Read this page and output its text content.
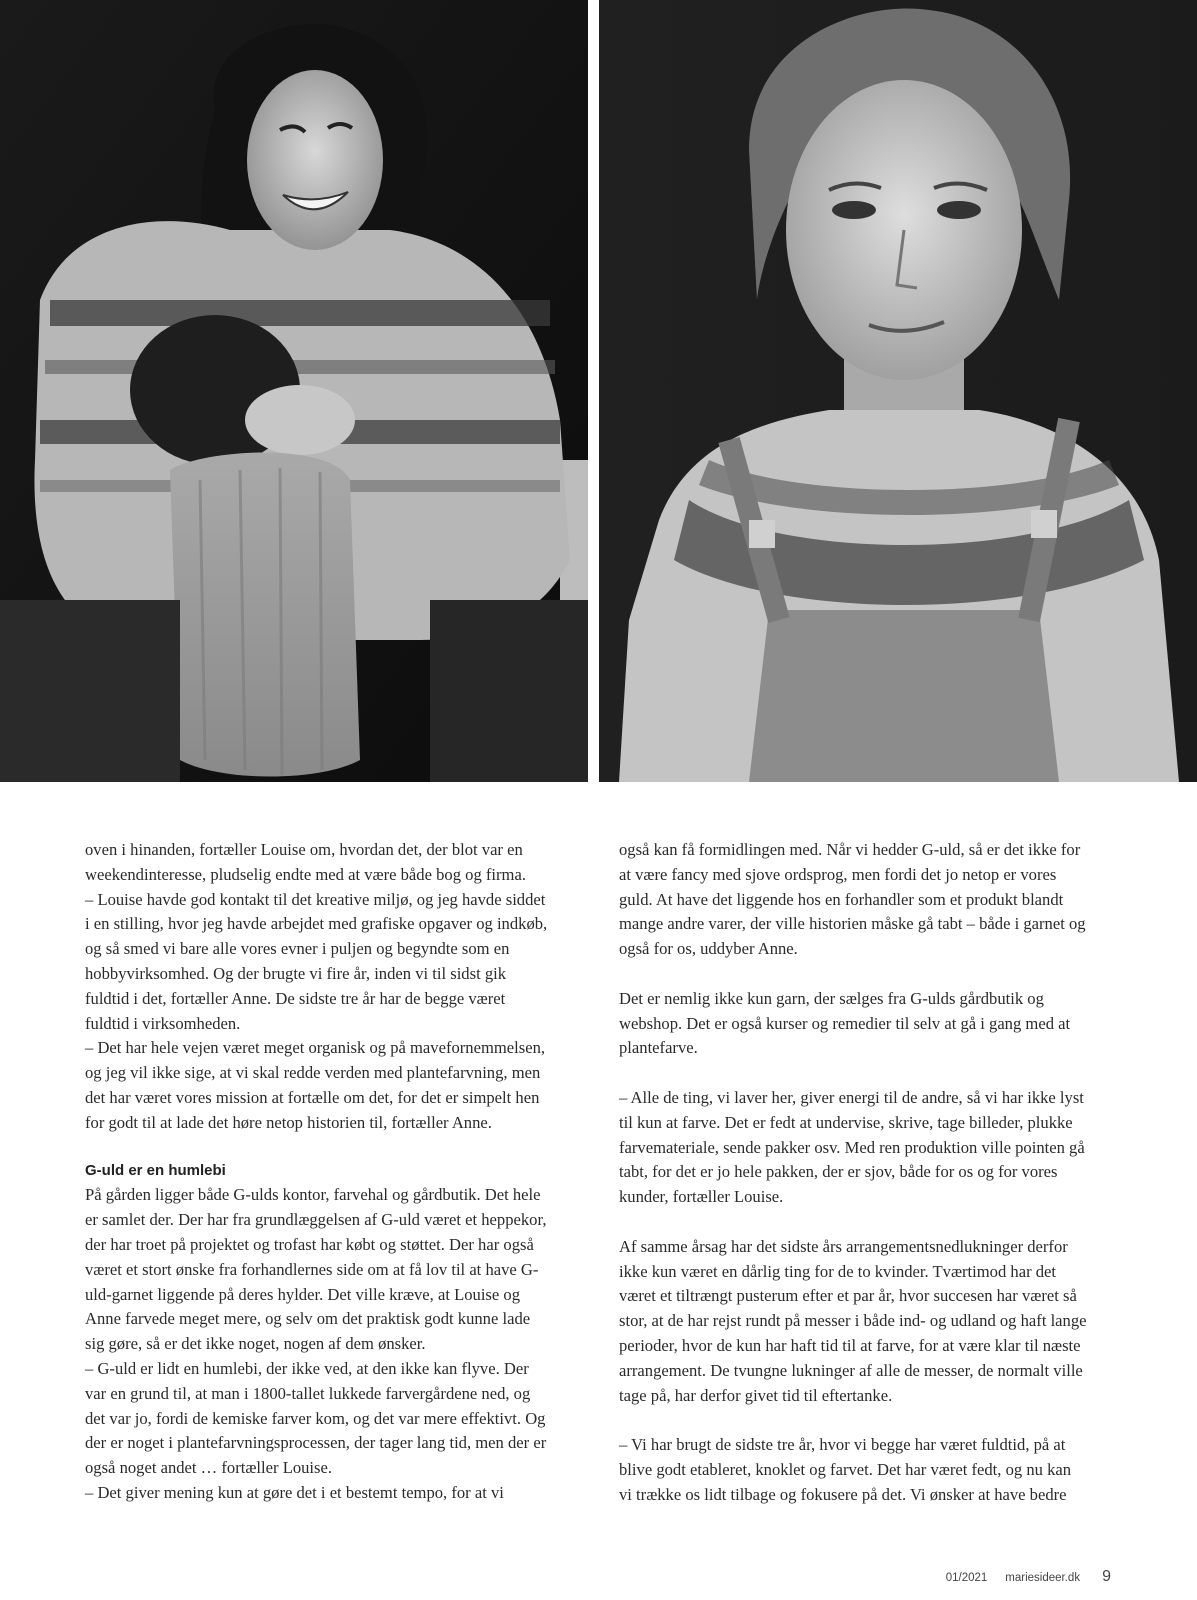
oven i hinanden, fortæller Louise om, hvordan det, der blot var en weekendinteresse, pludselig endte med at være både bog og firma.

– Louise havde god kontakt til det kreative miljø, og jeg havde siddet i en stilling, hvor jeg havde arbejdet med grafiske opgaver og indkøb, og så smed vi bare alle vores evner i puljen og begyndte som en hobbyvirksomhed. Og der brugte vi fire år, inden vi til sidst gik fuldtid i det, fortæller Anne. De sidste tre år har de begge været fuldtid i virksomheden.

– Det har hele vejen været meget organisk og på mavefornemmelsen, og jeg vil ikke sige, at vi skal redde verden med plantefarvning, men det har været vores mission at fortælle om det, for det er simpelt hen for godt til at lade det høre netop historien til, fortæller Anne.

G-uld er en humlebi

På gården ligger både G-ulds kontor, farvehal og gårdbutik. Det hele er samlet der. Der har fra grundlæggelsen af G-uld været et heppekor, der har troet på projektet og trofast har købt og støttet. Der har også været et stort ønske fra forhandlernes side om at få lov til at have G-uld-garnet liggende på deres hylder. Det ville kræve, at Louise og Anne farvede meget mere, og selv om det praktisk godt kunne lade sig gøre, så er det ikke noget, nogen af dem ønsker.

– G-uld er lidt en humlebi, der ikke ved, at den ikke kan flyve. Der var en grund til, at man i 1800-tallet lukkede farvergårdene ned, og det var jo, fordi de kemiske farver kom, og det var mere effektivt. Og der er noget i plantefarvningsprocessen, der tager lang tid, men der er også noget andet … fortæller Louise.

– Det giver mening kun at gøre det i et bestemt tempo, for at vi

også kan få formidlingen med. Når vi hedder G-uld, så er det ikke for at være fancy med sjove ordsprog, men fordi det jo netop er vores guld. At have det liggende hos en forhandler som et produkt blandt mange andre varer, der ville historien måske gå tabt – både i garnet og også for os, uddyber Anne.

Det er nemlig ikke kun garn, der sælges fra G-ulds gårdbutik og webshop. Det er også kurser og remedier til selv at gå i gang med at plantefarve.

– Alle de ting, vi laver her, giver energi til de andre, så vi har ikke lyst til kun at farve. Det er fedt at undervise, skrive, tage billeder, plukke farvemateriale, sende pakker osv. Med ren produktion ville pointen gå tabt, for det er jo hele pakken, der er sjov, både for os og for vores kunder, fortæller Louise.

Af samme årsag har det sidste års arrangementsnedlukninger derfor ikke kun været en dårlig ting for de to kvinder. Tværtimod har det været et tiltrængt pusterum efter et par år, hvor succesen har været så stor, at de har rejst rundt på messer i både ind- og udland og haft lange perioder, hvor de kun har haft tid til at farve, for at være klar til næste arrangement. De tvungne lukninger af alle de messer, de normalt ville tage på, har derfor givet tid til eftertanke.

– Vi har brugt de sidste tre år, hvor vi begge har været fuldtid, på at blive godt etableret, knoklet og farvet. Det har været fedt, og nu kan vi trække os lidt tilbage og fokusere på det. Vi ønsker at have bedre

01/2021 mariesideer.dk 9
